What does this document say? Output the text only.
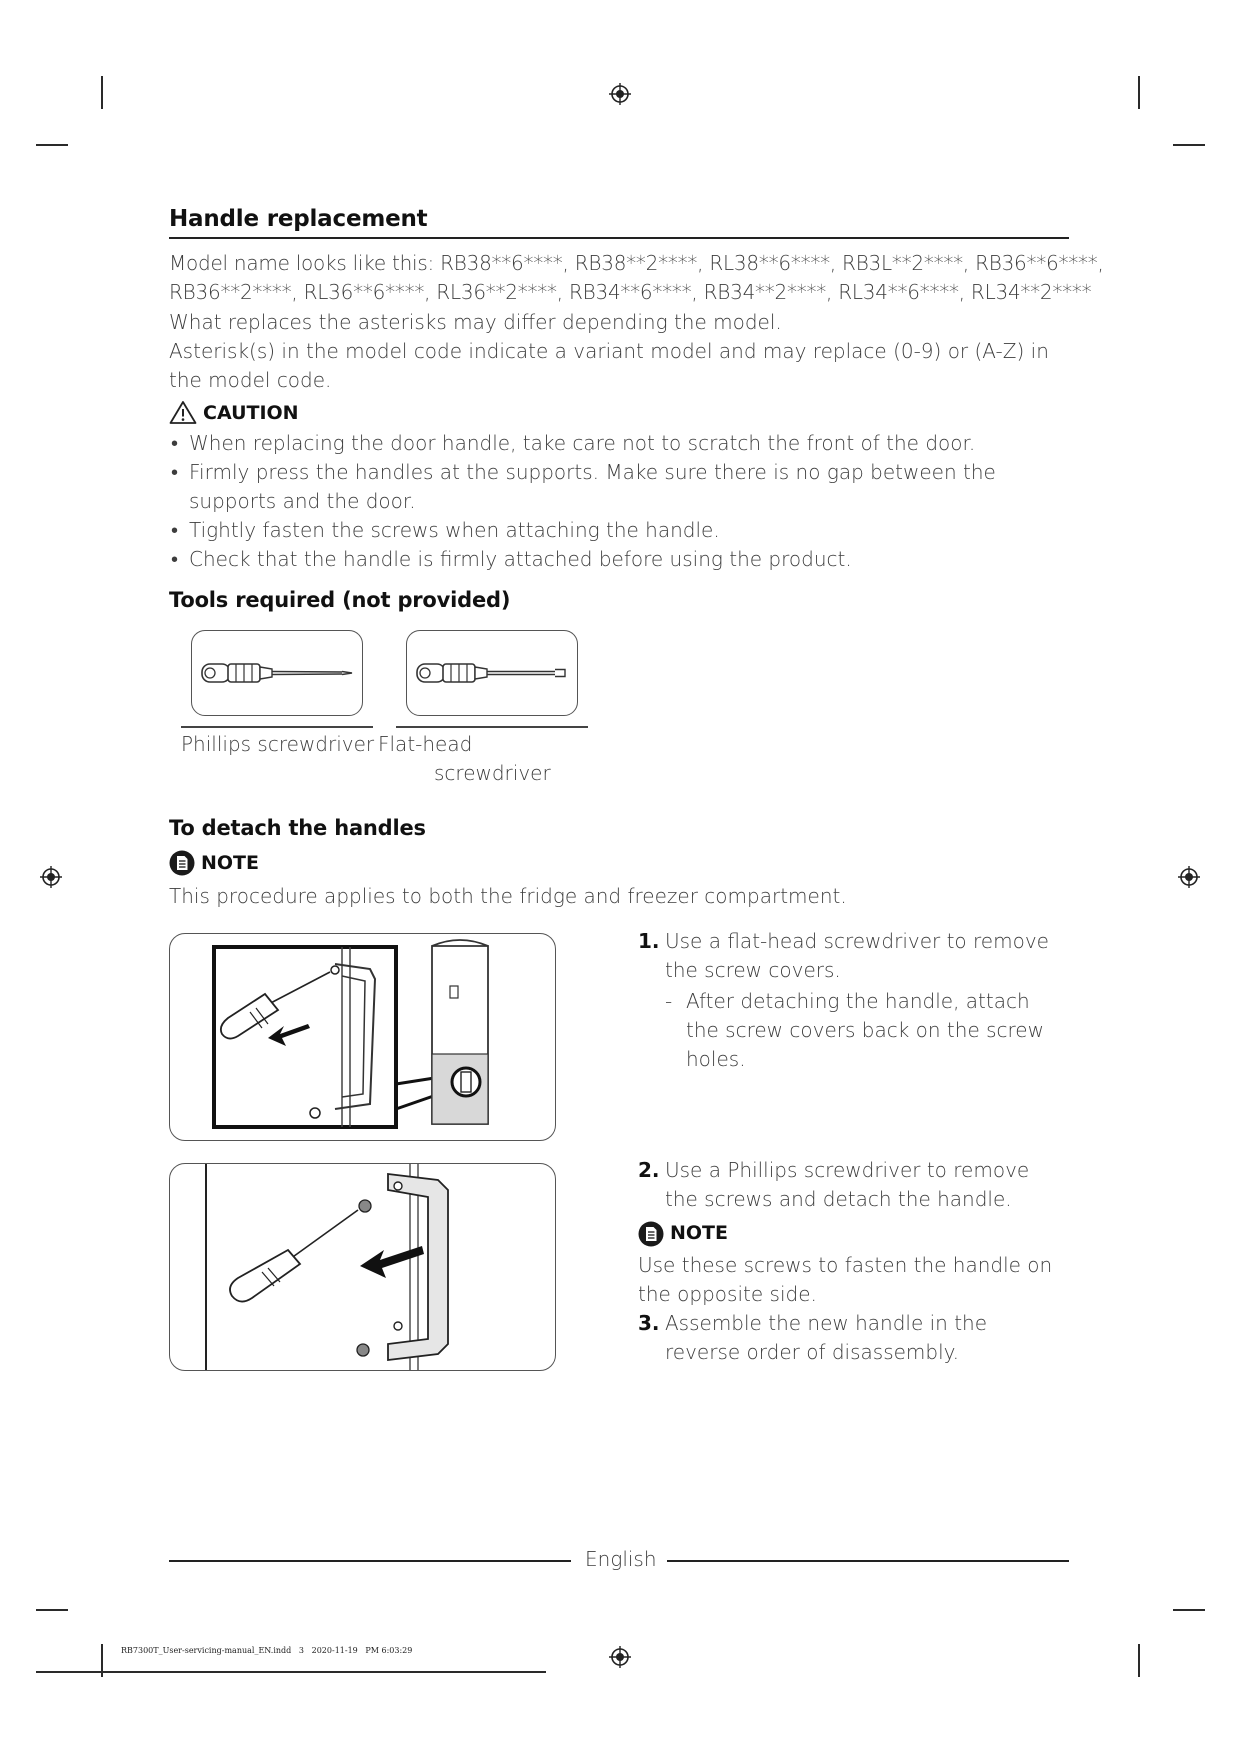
Handle replacement
Model name looks like this: RB38**6****, RB38**2****, RL38**6****, RB3L**2****, RB36**6****,
RB36**2****, RL36**6****, RL36**2****, RB34**6****, RB34**2****, RL34**6****, RL34**2****
What replaces the asterisks may differ depending the model.
Asterisk(s) in the model code indicate a variant model and may replace (0-9) or (A-Z) in the model code.
CAUTION
• When replacing the door handle, take care not to scratch the front of the door.
• Firmly press the handles at the supports. Make sure there is no gap between the supports and the door.
• Tightly fasten the screws when attaching the handle.
• Check that the handle is firmly attached before using the product.
Tools required (not provided)
Phillips screwdriver Flat-head
screwdriver
To detach the handles
NOTE
This procedure applies to both the fridge and freezer compartment.
1. Use a flat-head screwdriver to remove the screw covers.
- After detaching the handle, attach the screw covers back on the screw holes.
2. Use a Phillips screwdriver to remove the screws and detach the handle.
NOTE
Use these screws to fasten the handle on the opposite side.
3. Assemble the new handle in the reverse order of disassembly.
English
RB7300T_User-servicing-manual_EN.indd   3   2020-11-19   PM 6:03:29
